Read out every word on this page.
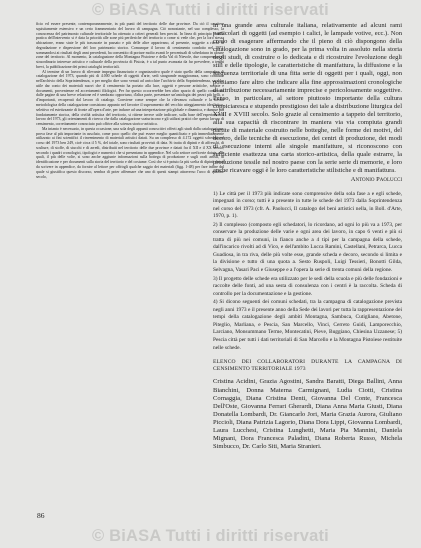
© BiASA Tutti i diritti riservati

ficio ed essere presente, contemporaneamente, in più punti del territorio delle due province. Da ciò il carattere squisitamente estensivo e un certo frammentario del lavoro di campagna. Ciò nonostante, nel suo complesso, la conoscenza del patrimonio culturale territoriale ha ottenuto a criteri generali ben precisi. In linea di principio e nella pratica dell'intervento si è data la priorità alle zone più periferiche del territorio o come si vede che, per la loro stessa ubicazione, erano state le più trascurate in passato e più delle altre apparivano, al presente, soggette a rischi di degradazione e dispersione del loro patrimonio storico. Comunque il lavoro di censimento condotto nel 1973, sommandosi ai risultati degli anni precedenti, ha consentito di portare molto avanti le percentuali di schedatura in alcune zone del territorio. Al momento, la catalogazione della Montagna Pistoiese e della Val di Nievole, due comprensori di straordinario interesse artistico e culturale della provincia di Pistoia, è a tal punto avanzata da far prevedere, a tempi brevi, la pubblicazione dei primi cataloghi territoriali.

Al termine di un lavoro di rilevante impegno finanziario e organizzativo quale è stato quello della campagna di catalogazione del 1973, quando più di 4.000 schede di oggetti d'arte, sedi stragrande maggioranza, sono confluite nell'archivio della Soprintendenza, o per meglio dire sono venuti ad arricchire l'archivio della Soprintendenza, sarebbe utile dar conto dei materiali nuovi che il censimento ha portato alla luce, oggetti e persone artistiche, notizie e documenti, provenienze ed accertamenti filologici. Per far questo occorrerebbe ben altro spazio di quello consentito dalle pagine di una breve relazione ed è sembrato opportuno, d'altra parte, presentare un'antologia dei pezzi più belli, o d'importanti, recuperati dal lavoro di catalogo. Conviene come sempre che la rilevanza culturale e la novità metodologica della catalogazione consistono appunto nel favorire il superamento del vecchio atteggiamento idealistico, selettivo ed estetizzante di fronte all'opera d'arte, per indurre ad una interpretazione più globale e dinamica, e dunque più fondatamente storica, della civiltà artistica del territorio, si ritiene invece utile indicare, sulla base dell'esperienza di lavoro del 1973, gli orientamenti di ricerca che dalla catalogazione scaturiscono e gli utilizzi pratici che questo lavoro di censimento, correttamente conosciuto può offrire alla scienza storico-artistica.

Ma intanto è necessario, in questa occasione, una sola degli appunti conoscitivi offerti agli studi dalla catalogazione, prova fase al più importante in assoluto, come poco quello che può essere meglio quantificato e più immediatamente utilizzato ai fini scientifici il rinvenimento di materiali artistici datati. Su un complesso di 4.172 oggetti schedati nel corso del 1973 ben 249, cioè circa il 5 %, del totale, sono risultati provvisti di data. Si tratta di dipinti e di affreschi, di sculture, di stoffe, di stucchi e di arredi, distribuiti nel territorio delle due province e datati fra il XII e il XX secolo, secondo i quadri cronologici, tipologici e numerici che si presentano in appendice. Nel solo settore oreficerie datate, alle quali, il più delle volte, si sono anche aggiunte informazioni sulla bottega di produzione e sugli orafi artisti, di identificazione e per documenti sulla storia del territorio e del costume. Così che si è potuto la più scelta di dipinti datati da scrivere in appendice, da fornire al lettore per offrirgli qualche saggio dei materiali (figg. 1-48) per fare infine del quale si giustifica questo discorso, sembra di poter affermare che uno di questi stampi attraverso l'arco di qualche secolo,

in una grande area culturale italiana, relativamente ad alcuni rami particolari di oggetti (ad esempio i calici, le lampade votive, ecc.). Non credo di esagerare affermando che il pieno di ciò dispongono della catalogazione sono in grado, per la prima volta in assoluto nella storia degli studi, di costruire o lo dedicata e di ricostruire l'evoluzione degli stili e delle tipologie, le caratteristiche di manifattura, la diffusione e la frequenza territoriale di una fitta serie di oggetti per i quali, oggi, non possiamo fare altro che indicare alla fine approssimazioni cronologiche di attribuzione necessariamente imprecise e pericolosamente soggettive. Penso, in particolare, al settore piuttosto importante della cultura coppiciaresca e stupendo prestigioso dei tale a distribuzione liturgica del XVII e XVIII secolo. Solo grazie al censimento a tappeto del territorio, alla sua capacità di riscontrare in maniera via via compiuta grandi partite di materiale costruito nelle botteghe, nelle forme dei motivi, del decoro, delle tecniche di esecuzione, dei centri di produzione, dei modi di esecuzione interni alle singole manifatture, si riconoscono con sufficiente esattezza una carta storico-artistica, della quale estrarre, la produzione tessile nel nostro paese con la serie serie di memorie, e loro anche ricavare oggi è le loro caratteristiche stilistiche e di manifattura.

Antonio Paolucci

1) Le città per il 1973 più indicate sono comprensive della sola fase a e egli schede, impegnati in corso; tutti è a presente in tutte le schede del 1973 dalla Soprintendenza nel corso del 1973 (cfr. A. Paolucci, Il catalogo del beni artistici nella, in Boll. d'Arte, 1970, p. 1).

2) Il complesso (composto egli schedatori, lo ricordano, ad ogni lo più va a 1973, per conservare la produzione delle varie e ogni area dei lavoro, in capo 6 venti e più si tratta di più nei comuni, in fianco anche a 4 tipi per la campagna della schede, dall'incarico rivolti ad di Vico, e dell'ambito Lucca Ramini, Castellani, Petrarca, Lucca Guadiosa, in tra riva, delle più volte esse, grande scheda e decoro, secondo si limita e la divisione e tutto di una quota a. Sesto Ruspoli, Luigi Tessieri, Bonotti Gilda, Selvagna, Vasari Paci e Giuseppe e a l'opera la serie di trenta comuni della regione.

3) Il progetto delle schede era utilizzato per le sedi della scuola e più delle fondazioni e raccolte delle fonti, ad una sesta di consulenza con i centri è la raccolta. Scheda di controllo per la documentazione e la gestione.

4) Si dicono seguenti dei comuni schedati, tra la campagna di catalogazione prevista negli anni 1973 e il presente anno della Sede dei lavori per tutta la rappresentazione dei tempi della catalogazione degli ambiti Montagna, Sambuca, Cutigliano, Abetone, Piteglio, Marliana, e Pescia, San Marcello, Vinci, Cerreto Guidi, Lamporecchio, Larciano, Monsummano Terme, Montecatini, Pieve, Buggiano, Chiesina Uzzanese; 5) Pescia città per tutti i dati territoriali di San Marcello e la Montagna Pistoiese restituite nelle schede.

ELENCO DEI COLLABORATORI DURANTE LA CAMPAGNA DI CENSIMENTO TERRITORIALE 1973

Cristina Acidini, Grazia Agostini, Sandra Baratti, Diega Ballini, Anna Bianchini, Donna Materna Carmignani, Ludia Ciotti, Cristina Cornaggia, Diana Cristina Denti, Giovanna Del Conte, Francesca Dell'Oste, Giovanna Ferrari Gherardi, Diana Anna Maria Giusti, Diana Donatella Lombardi, Dr. Giancarlo Jori, Maria Grazia Aurora, Giuliano Piccioli, Diana Patrizia Lagorio, Diana Dora Lippi, Giovanna Lombardi, Laura Lucchesi, Cristina Lunghetti, Maria Pia Mannini, Daniela Mignani, Dora Francesca Paladini, Diana Roberta Russo, Michela Simbucco, Dr. Carlo Siti, Maria Stranieri.

86
© BiASA Tutti i diritti riservati
